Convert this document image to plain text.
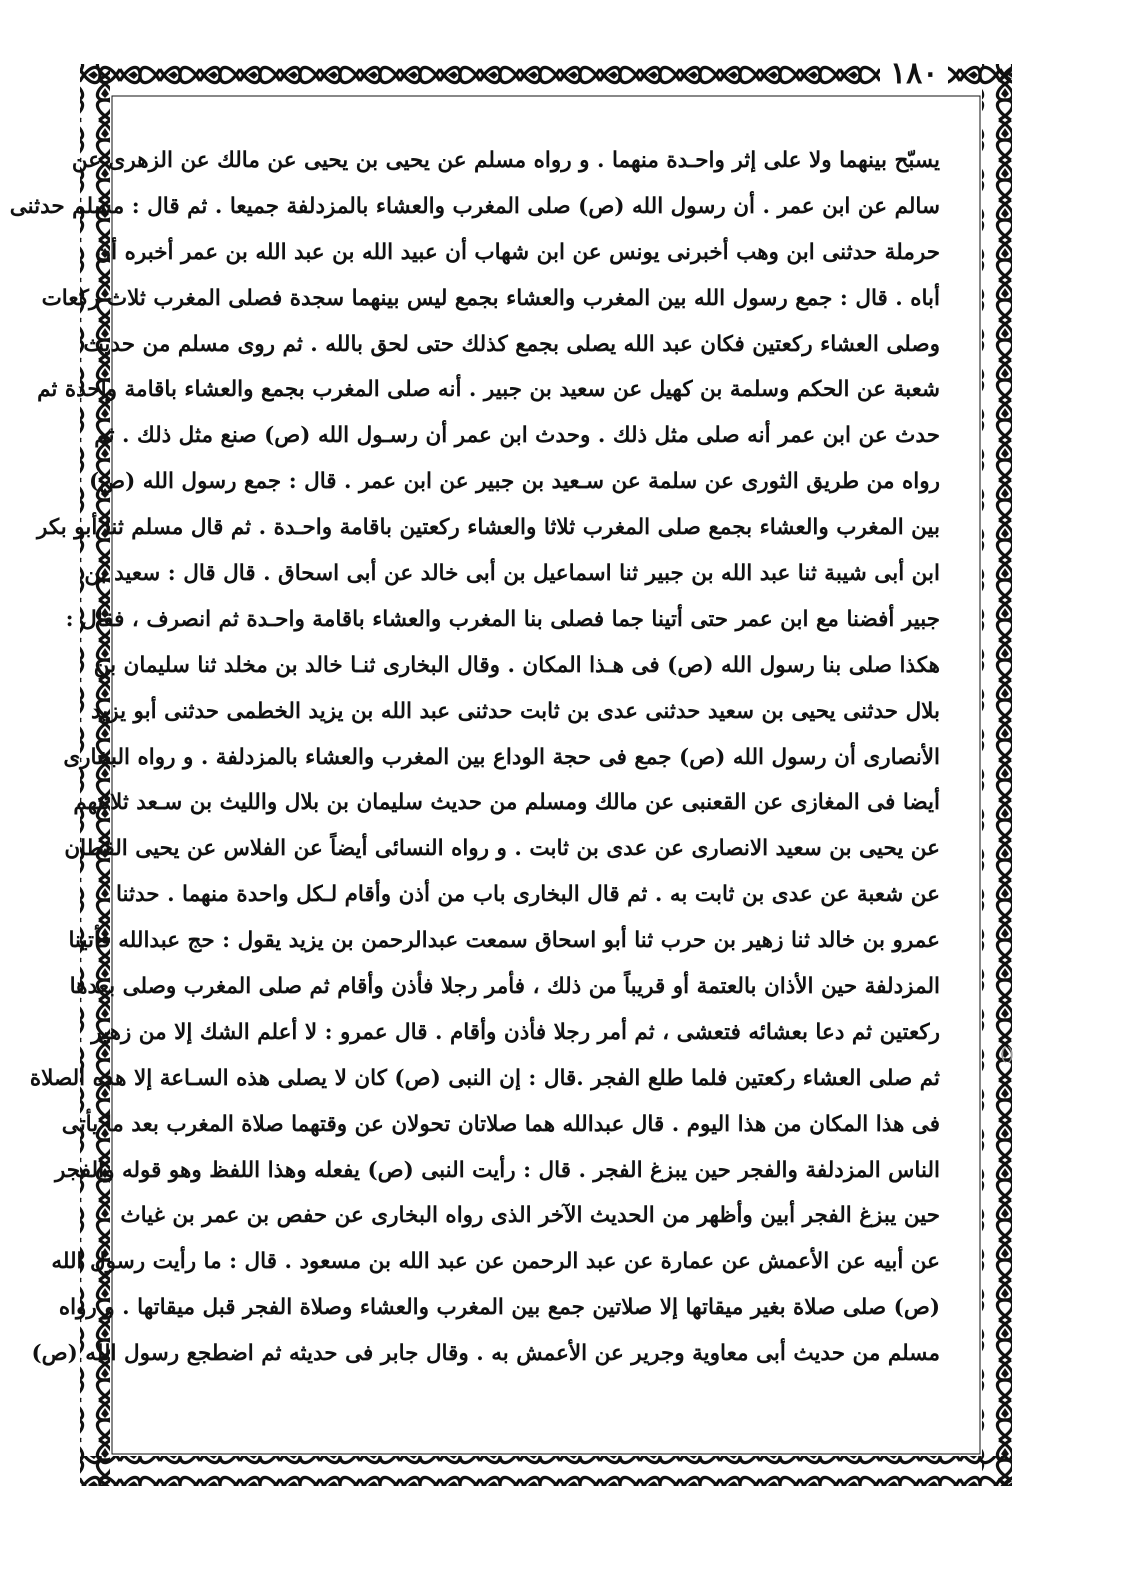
١٨٠
يسبّح بينهما ولا على إثر واحـدة منهما . و رواه مسلم عن يحيى بن يحيى عن مالك عن الزهرى عن
سالم عن ابن عمر . أن رسول الله (ص) صلى المغرب والعشاء بالمزدلفة جميعا . ثم قال : مسلم حدثنى
حرملة حدثنى ابن وهب أخبرنى يونس عن ابن شهاب أن عبيد الله بن عبد الله بن عمر أخبره أن
أباه . قال : جمع رسول الله بين المغرب والعشاء بجمع ليس بينهما سجدة فصلى المغرب ثلاث ركعات
وصلى العشاء ركعتين فكان عبد الله يصلى بجمع كذلك حتى لحق بالله . ثم روى مسلم من حديث
شعبة عن الحكم وسلمة بن كهيل عن سعيد بن جبير . أنه صلى المغرب بجمع والعشاء باقامة واحدة ثم
حدث عن ابن عمر أنه صلى مثل ذلك . وحدث ابن عمر أن رسـول الله (ص) صنع مثل ذلك . ثم
رواه من طريق الثورى عن سلمة عن سـعيد بن جبير عن ابن عمر . قال : جمع رسول الله (ص)
بين المغرب والعشاء بجمع صلى المغرب ثلاثا والعشاء ركعتين باقامة واحـدة . ثم قال مسلم ثنا أبو بكر
ابن أبى شيبة ثنا عبد الله بن جبير ثنا اسماعيل بن أبى خالد عن أبى اسحاق . قال قال : سعيد بن
جبير أفضنا مع ابن عمر حتى أتينا جما فصلى بنا المغرب والعشاء باقامة واحـدة ثم انصرف ، فقال :
هكذا صلى بنا رسول الله (ص) فى هـذا المكان . وقال البخارى ثنـا خالد بن مخلد ثنا سليمان بن
بلال حدثنى يحيى بن سعيد حدثنى عدى بن ثابت حدثنى عبد الله بن يزيد الخطمى حدثنى أبو يزيد
الأنصارى أن رسول الله (ص) جمع فى حجة الوداع بين المغرب والعشاء بالمزدلفة . و رواه البخارى
أيضا فى المغازى عن القعنبى عن مالك ومسلم من حديث سليمان بن بلال والليث بن سـعد ثلاثتهم
عن يحيى بن سعيد الانصارى عن عدى بن ثابت . و رواه النسائى أيضاً عن الفلاس عن يحيى القطان
عن شعبة عن عدى بن ثابت به . ثم قال البخارى باب من أذن وأقام لـكل واحدة منهما . حدثنا
عمرو بن خالد ثنا زهير بن حرب ثنا أبو اسحاق سمعت عبدالرحمن بن يزيد يقول : حج عبدالله فأتينا
المزدلفة حين الأذان بالعتمة أو قريباً من ذلك ، فأمر رجلا فأذن وأقام ثم صلى المغرب وصلى بعدها
ركعتين ثم دعا بعشائه فتعشى ، ثم أمر رجلا فأذن وأقام . قال عمرو : لا أعلم الشك إلا من زهير
ثم صلى العشاء ركعتين فلما طلع الفجر .قال : إن النبى (ص) كان لا يصلى هذه السـاعة إلا هذه الصلاة
فى هذا المكان من هذا اليوم . قال عبدالله هما صلاتان تحولان عن وقتهما صلاة المغرب بعد ما يأتى
الناس المزدلفة والفجر حين يبزغ الفجر . قال : رأيت النبى (ص) يفعله وهذا اللفظ وهو قوله والفجر
حين يبزغ الفجر أبين وأظهر من الحديث الآخر الذى رواه البخارى عن حفص بن عمر بن غياث
عن أبيه عن الأعمش عن عمارة عن عبد الرحمن عن عبد الله بن مسعود . قال : ما رأيت رسول الله
(ص) صلى صلاة بغير ميقاتها إلا صلاتين جمع بين المغرب والعشاء وصلاة الفجر قبل ميقاتها . و رواه
مسلم من حديث أبى معاوية وجرير عن الأعمش به . وقال جابر فى حديثه ثم اضطجع رسول الله (ص)
()
